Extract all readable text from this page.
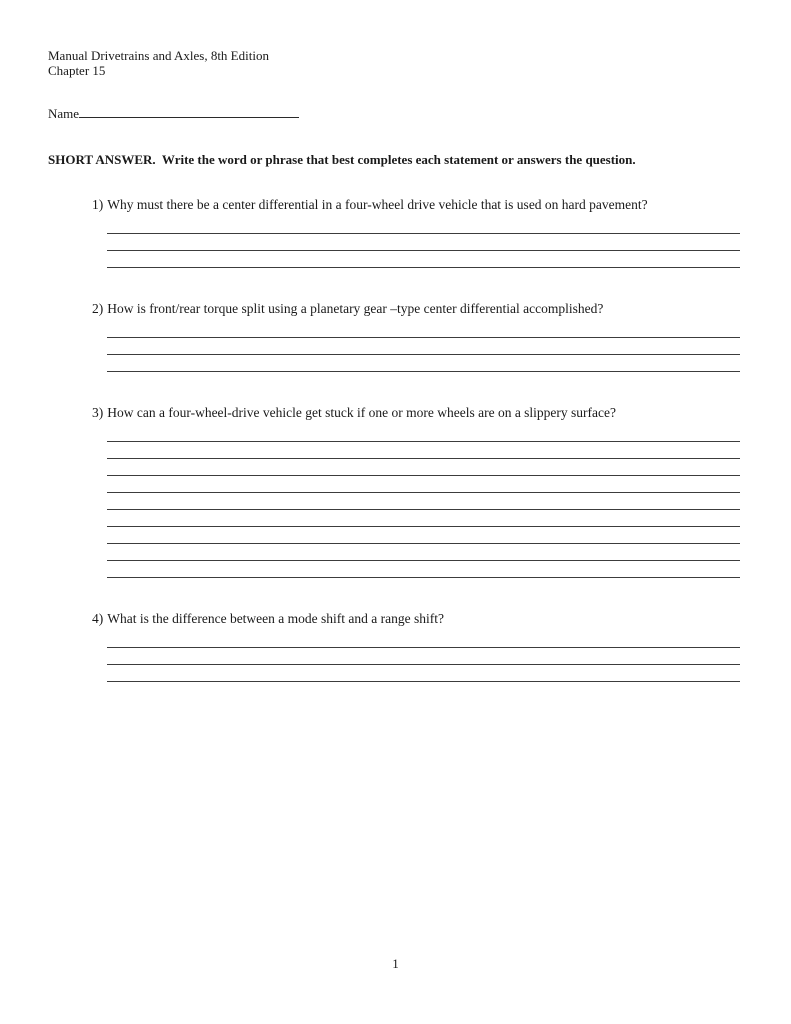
Manual Drivetrains and Axles, 8th Edition
Chapter 15
Name
SHORT ANSWER.  Write the word or phrase that best completes each statement or answers the question.

1) Why must there be a center differential in a four-wheel drive vehicle that is used on hard pavement?

2) How is front/rear torque split using a planetary gear –type center differential accomplished?

3) How can a four-wheel-drive vehicle get stuck if one or more wheels are on a slippery surface?

4) What is the difference between a mode shift and a range shift?

1
